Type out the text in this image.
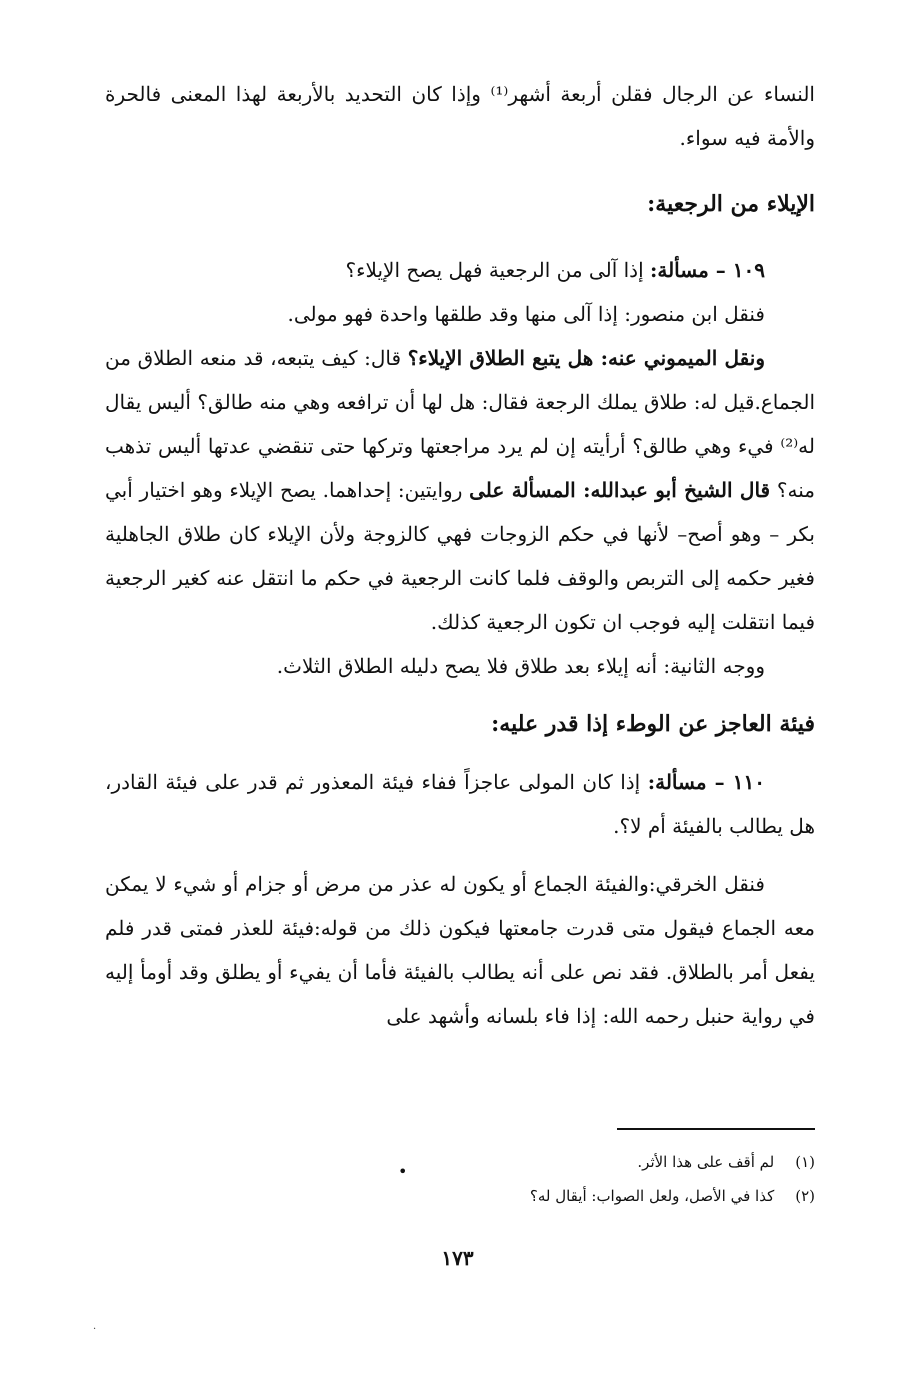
النساء عن الرجال فقلن أربعة أشهر⁽¹⁾ وإذا كان التحديد بالأربعة لهذا المعنى فالحرة والأمة فيه سواء.

الإيلاء من الرجعية:

١٠٩ – مسألة: إذا آلى من الرجعية فهل يصح الإيلاء؟

فنقل ابن منصور: إذا آلى منها وقد طلقها واحدة فهو مولى.

ونقل الميموني عنه: هل يتبع الطلاق الإيلاء؟ قال: كيف يتبعه، قد منعه الطلاق من الجماع.قيل له: طلاق يملك الرجعة فقال: هل لها أن ترافعه وهي منه طالق؟ أليس يقال له⁽²⁾ فيء وهي طالق؟ أرأيته إن لم يرد مراجعتها وتركها حتى تنقضي عدتها أليس تذهب منه؟ قال الشيخ أبو عبدالله: المسألة على روايتين: إحداهما. يصح الإيلاء وهو اختيار أبي بكر – وهو أصح– لأنها في حكم الزوجات فهي كالزوجة ولأن الإيلاء كان طلاق الجاهلية فغير حكمه إلى التربص والوقف فلما كانت الرجعية في حكم ما انتقل عنه كغير الرجعية فيما انتقلت إليه فوجب ان تكون الرجعية كذلك.

ووجه الثانية: أنه إيلاء بعد طلاق فلا يصح دليله الطلاق الثلاث.

فيئة العاجز عن الوطء إذا قدر عليه:

١١٠ – مسألة: إذا كان المولى عاجزاً ففاء فيئة المعذور ثم قدر على فيئة القادر، هل يطالب بالفيئة أم لا؟.

فنقل الخرقي:والفيئة الجماع أو يكون له عذر من مرض أو جزام أو شيء لا يمكن معه الجماع فيقول متى قدرت جامعتها فيكون ذلك من قوله:فيئة للعذر فمتى قدر فلم يفعل أمر بالطلاق. فقد نص على أنه يطالب بالفيئة فأما أن يفيء أو يطلق وقد أومأ إليه في رواية حنبل رحمه الله: إذا فاء بلسانه وأشهد على

•	(١) لم أقف على هذا الأثر.
(٢) كذا في الأصل، ولعل الصواب: أيقال له؟
١٧٣
·
